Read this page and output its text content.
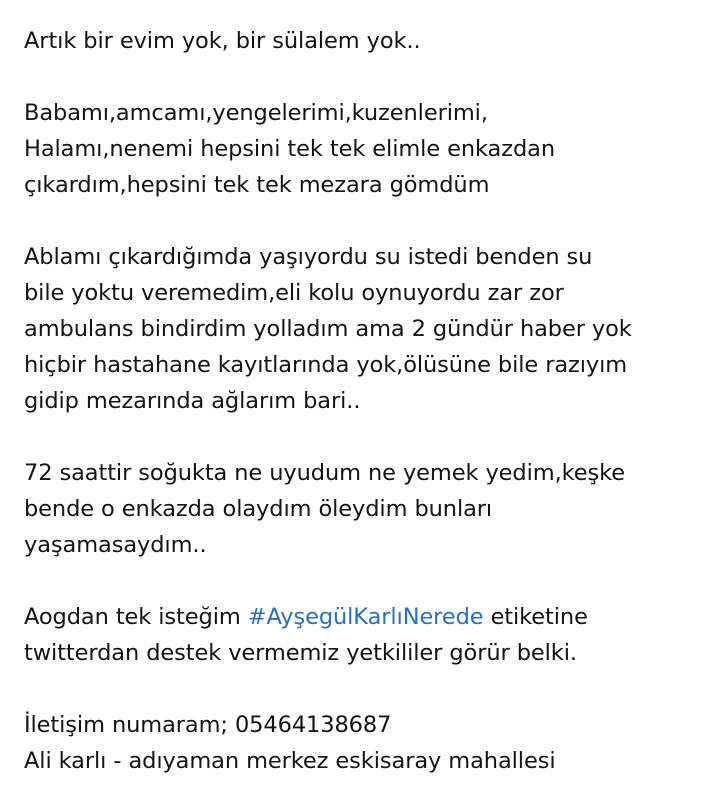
Artık bir evim yok, bir sülalem yok..
Babamı,amcamı,yengelerimi,kuzenlerimi,
Halamı,nenemi hepsini tek tek elimle enkazdan
çıkardım,hepsini tek tek mezara gömdüm
Ablamı çıkardığımda yaşıyordu su istedi benden su
bile yoktu veremedim,eli kolu oynuyordu zar zor
ambulans bindirdim yolladım ama 2 gündür haber yok
hiçbir hastahane kayıtlarında yok,ölüsüne bile razıyım
gidip mezarında ağlarım bari..
72 saattir soğukta ne uyudum ne yemek yedim,keşke
bende o enkazda olaydım öleydim bunları
yaşamasaydım..
Aogdan tek isteğim #AyşegülKarlıNerede etiketine
twitterdan destek vermemiz yetkililer görür belki.
İletişim numaram; 05464138687
Ali karlı - adıyaman merkez eskisaray mahallesi
